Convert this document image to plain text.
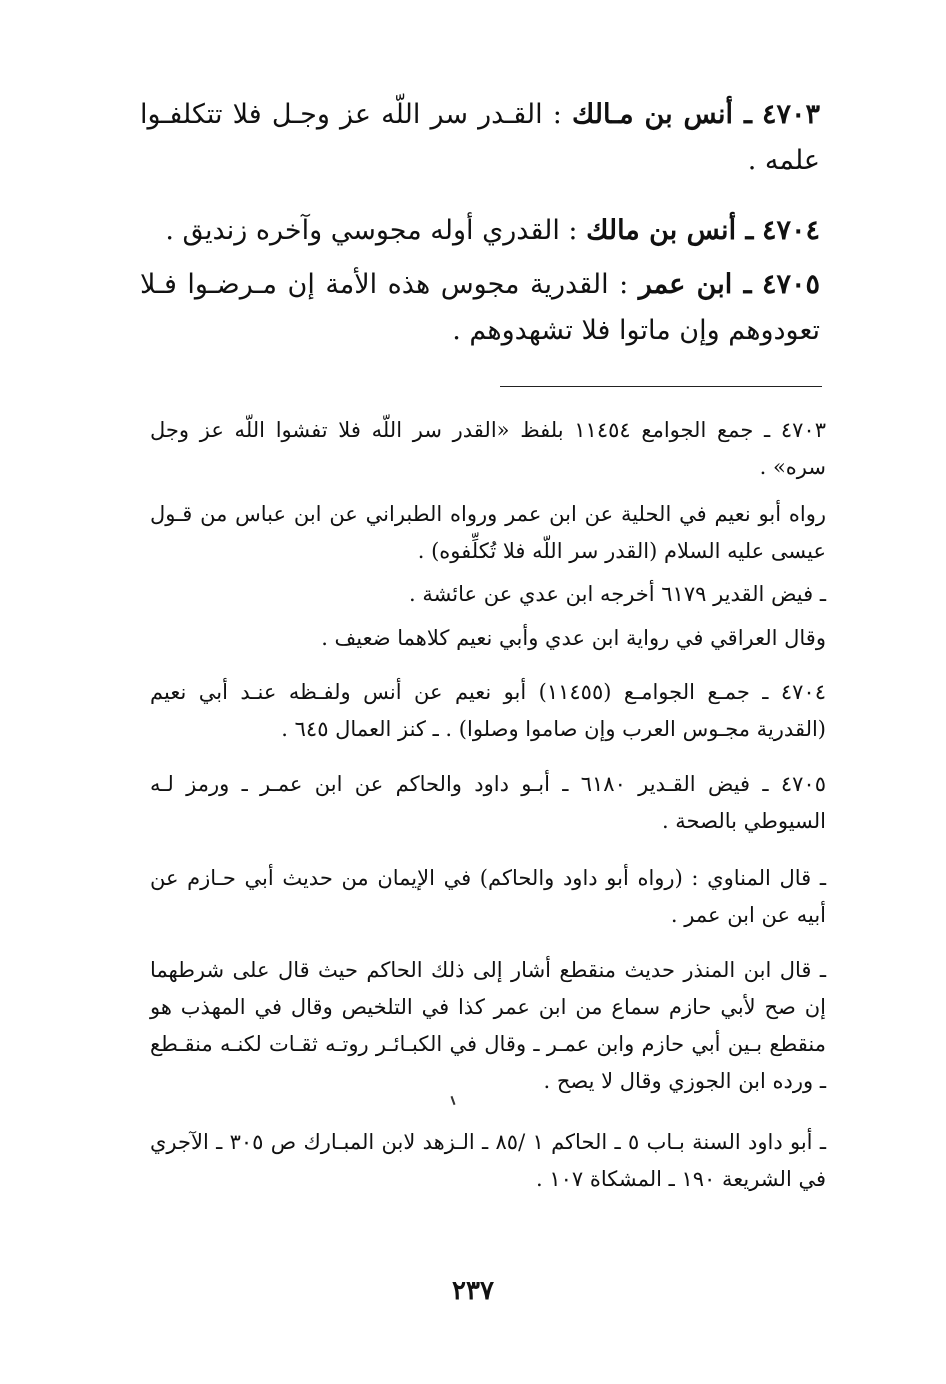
٤٧٠٣ ـ أنس بن مـالك : القـدر سر اللّه عز وجـل فلا تتكلفـوا علمه .

٤٧٠٤ ـ أنس بن مالك : القدري أوله مجوسي وآخره زنديق .

٤٧٠٥ ـ ابن عمر : القدرية مجوس هذه الأمة إن مـرضـوا فـلا تعودوهم وإن ماتوا فلا تشهدوهم .

٤٧٠٣ ـ جمع الجوامع ١١٤٥٤ بلفظ «القدر سر اللّه فلا تفشوا اللّه عز وجل سره» .

رواه أبو نعيم في الحلية عن ابن عمر ورواه الطبراني عن ابن عباس من قـول عيسى عليه السلام (القدر سر اللّه فلا تُكلِّفوه) .

ـ فيض القدير ٦١٧٩ أخرجه ابن عدي عن عائشة .

وقال العراقي في رواية ابن عدي وأبي نعيم كلاهما ضعيف .

٤٧٠٤ ـ جمـع الجوامـع (١١٤٥٥) أبو نعيم عن أنس ولفـظه عنـد أبي نعيم (القدرية مجـوس العرب وإن صاموا وصلوا) . ـ كنز العمال ٦٤٥ .

٤٧٠٥ ـ فيض القـدير ٦١٨٠ ـ أبـو داود والحاكم عن ابن عمـر ـ ورمز لـه السيوطي بالصحة .

ـ قال المناوي : (رواه أبو داود والحاكم) في الإيمان من حديث أبي حـازم عن أبيه عن ابن عمر .

ـ قال ابن المنذر حديث منقطع أشار إلى ذلك الحاكم حيث قال على شرطهما إن صح لأبي حازم سماع من ابن عمر كذا في التلخيص وقال في المهذب هو منقطع بـين أبي حازم وابن عمـر ـ وقال في الكبـائـر روتـه ثقـات لكنـه منقـطع ـ ورده ابن الجوزي وقال لا يصح .

ـ أبو داود السنة بـاب ٥ ـ الحاكم ١ /٨٥ ـ الـزهد لابن المبـارك ص ٣٠٥ ـ الآجري في الشريعة ١٩٠ ـ المشكاة ١٠٧ .

٢٣٧
